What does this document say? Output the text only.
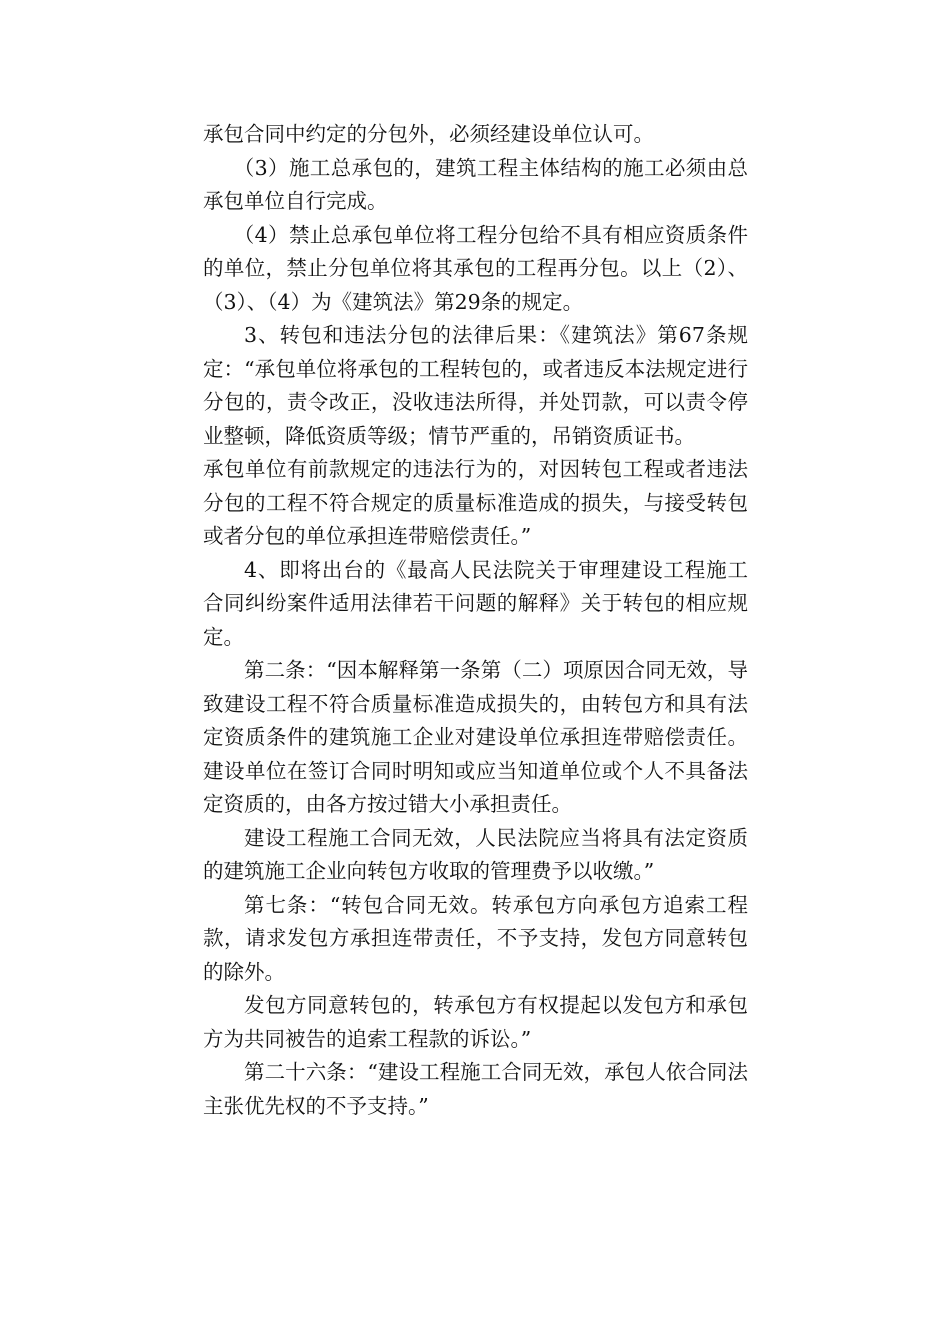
承包合同中约定的分包外，必须经建设单位认可。

（3）施工总承包的，建筑工程主体结构的施工必须由总承包单位自行完成。

（4）禁止总承包单位将工程分包给不具有相应资质条件的单位，禁止分包单位将其承包的工程再分包。以上（2）、（3）、（4）为《建筑法》第29条的规定。

3、转包和违法分包的法律后果：《建筑法》第67条规定：“承包单位将承包的工程转包的，或者违反本法规定进行分包的，责令改正，没收违法所得，并处罚款，可以责令停业整顿，降低资质等级；情节严重的，吊销资质证书。

承包单位有前款规定的违法行为的，对因转包工程或者违法分包的工程不符合规定的质量标准造成的损失，与接受转包或者分包的单位承担连带赔偿责任。”

4、即将出台的《最高人民法院关于审理建设工程施工合同纠纷案件适用法律若干问题的解释》关于转包的相应规定。

第二条：“因本解释第一条第（二）项原因合同无效，导致建设工程不符合质量标准造成损失的，由转包方和具有法定资质条件的建筑施工企业对建设单位承担连带赔偿责任。建设单位在签订合同时明知或应当知道单位或个人不具备法定资质的，由各方按过错大小承担责任。

建设工程施工合同无效，人民法院应当将具有法定资质的建筑施工企业向转包方收取的管理费予以收缴。”

第七条：“转包合同无效。转承包方向承包方追索工程款，请求发包方承担连带责任，不予支持，发包方同意转包的除外。

发包方同意转包的，转承包方有权提起以发包方和承包方为共同被告的追索工程款的诉讼。”

第二十六条：“建设工程施工合同无效，承包人依合同法主张优先权的不予支持。”
